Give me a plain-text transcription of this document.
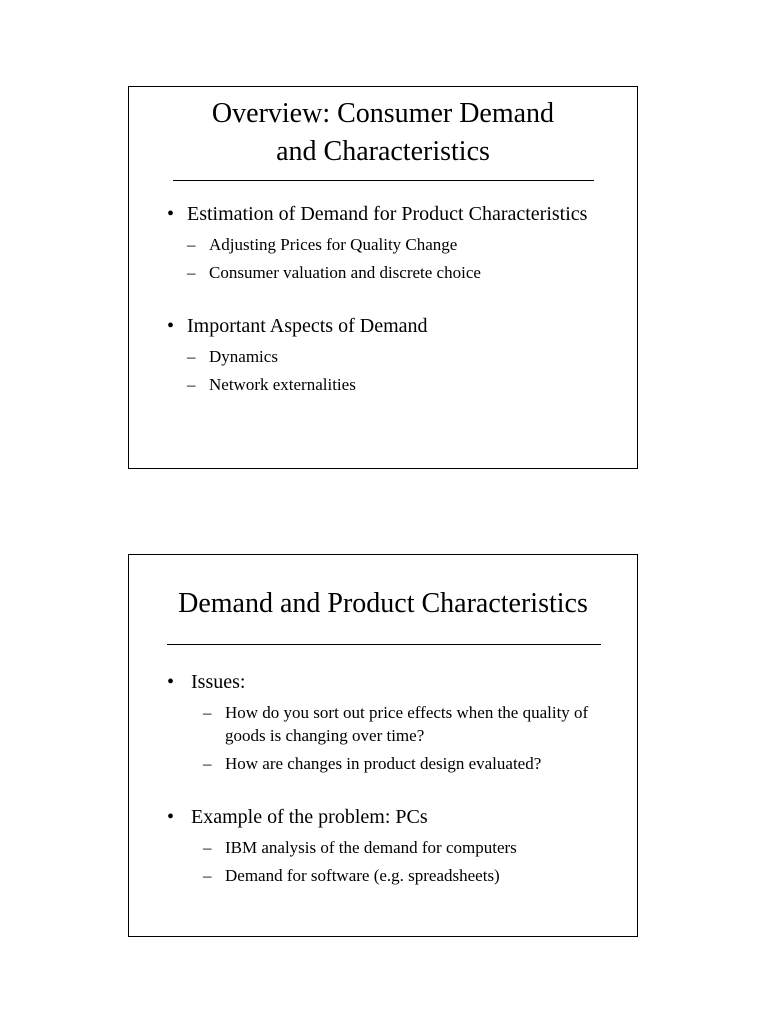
Overview: Consumer Demand
and Characteristics
• Estimation of Demand for Product Characteristics
– Adjusting Prices for Quality Change
– Consumer valuation and discrete choice
• Important Aspects of Demand
– Dynamics
– Network externalities
Demand and Product Characteristics
• Issues:
– How do you sort out price effects when the quality of goods is changing over time?
– How are changes in product design evaluated?
• Example of the problem: PCs
– IBM analysis of the demand for computers
– Demand for software (e.g. spreadsheets)
